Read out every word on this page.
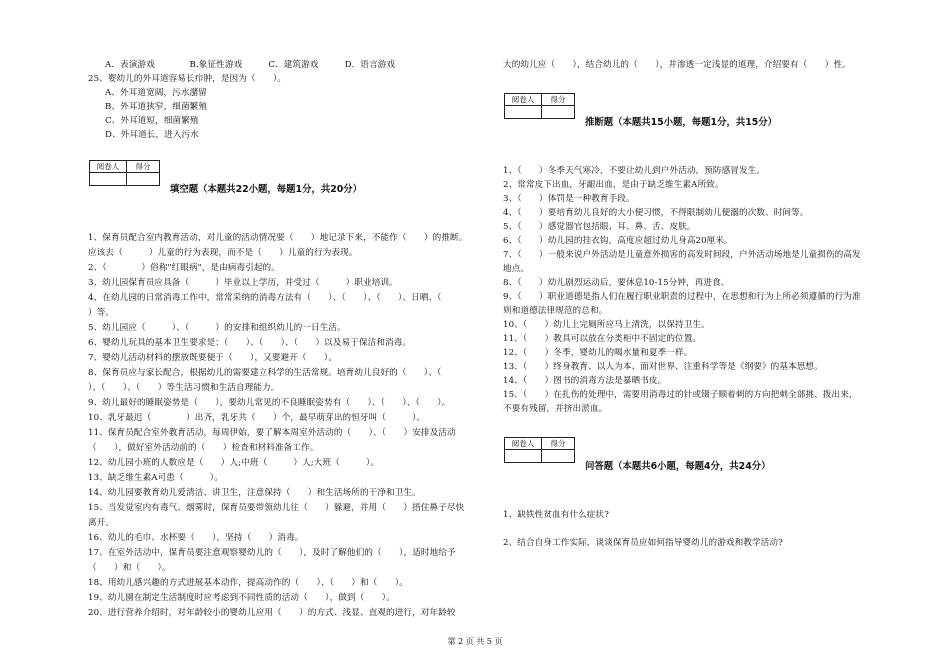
A．表演游戏　　　　B.象征性游戏　　　C．建筑游戏　　　D．语言游戏
25、婴幼儿的外耳道容易长疖肿，是因为（　　）。
A、外耳道宽阔，污水潴留
B、外耳道狭窄，细菌繁殖
C、外耳道短，细菌繁殖
D、外耳道长，进入污水
阅卷人	得分

填空题（本题共22小题，每题1分，共20分）
1、保育员配合室内教育活动，对儿童的活动情况要（　　）地记录下来，不能作（　　）的推断。
应该去（　　　）儿童的行为表现，而不是（　　）儿童的行为表现。
2、（　　　　）俗称"红眼病"，是由病毒引起的。
3、幼儿园保育员应具备（　　　）毕业以上学历，并受过（　　　）职业培训。
4、在幼儿园的日常消毒工作中，常常采纳的消毒方法有（　　）、（　　）、（　　）、日晒、（　　
）等。
5、幼儿园应（　　　）、（　　　）的安排和组织幼儿的一日生活。
6、婴幼儿玩具的基本卫生要求是：（　　）、（　　）、（　　）以及易于保洁和消毒。
7、婴幼儿活动材料的摆放既要便于（　　），又要避开（　　）。
8、保育员应与家长配合，根据幼儿的需要建立科学的生活常规。培育幼儿良好的（　　）、（
）、（　　）、（　　）等生活习惯和生活自理能力。
9、幼儿最好的睡眠姿势是（　　），要幼儿常见的不良睡眠姿势有（　　）、（　　）、（　　）。
10、乳牙最迟（　　　　）出齐，乳牙共（　　）个，最早萌芽出的恒牙叫（　　　）。
11、保育员配合室外教育活动，每周伊始，要了解本周室外活动的（　　）、（　　）安排及活动
（　　），做好室外活动前的（　　）检查和材料准备工作。
12、幼儿园小班的人数应是（　　）人;中班（　　　）人;大班（　　　）。
13、缺乏维生素A可患（　　　）。
14、幼儿园要教育幼儿爱清洁、讲卫生，注意保持（　　）和生活场所的干净和卫生。
15、当发觉室内有毒气、烟雾时，保育员要带领幼儿往（　　）躲避，并用（　　）捂住鼻子尽快
离开。
16、幼儿的毛巾、水杯要（　　），坚持（　　）消毒。
17、在室外活动中，保育员要注意观察婴幼儿的（　　），及时了解他们的（　　），适时地给予
（　　）和（　　）。
18、用幼儿感兴趣的方式进展基本动作，提高动作的（　　）、（　　）和（　　）。
19、幼儿園在制定生活制度时应考虑到不同性质的活动（　　），做到（　　）。
20、进行营养介绍时，对年龄较小的婴幼儿应用（　　）的方式、浅显、直观的进行，对年龄较
大的幼儿应（　　），结合幼儿的（　　），并渗透一定浅显的道理，介绍要有（　　）性。
阅卷人	得分

推断题（本题共15小题，每题1分，共15分）
1、（　　）冬季天气寒冷，不要让幼儿到户外活动，预防感冒发生。
2、常常皮下出血，牙龈出血，是由于缺乏维生素A所致。
3、（　　）体罚是一种教育手段。
4、（　　）要培育幼儿良好的大小便习惯，不得限制幼儿便溺的次数、时间等。
5、（　　）感觉器官包括眼、耳、鼻、舌、皮肤。
6、（　　）幼儿园的挂衣钩，高度应超过幼儿身高20厘米。
7、（　　）一般来说户外活动是儿童意外损害的高发时间段，户外活动场地是儿童损伤的高发
地点。
8、（　　）幼儿剧烈运动后，要休息10-15分钟，再进食。
9、（　　）职业道德是指人们在履行职业职责的过程中，在思想和行为上所必须遵循的行为准
则和道德法律规范的总和。
10、（　　）幼儿上完厕所应马上清洗，以保持卫生。
11、（　　）教具可以放在分类柜中不固定的位置。
12、（　　）冬季，婴幼儿的喝水量和夏季一样。
13、（　　）终身教育、以人为本、面对世界、注重科学等是《纲要》的基本思想。
14、（　　）图书的消毒方法是暴晒书皮。
15、（　　）在扎伤的处理中，需要用消毒过的针或镊子顺着刺的方向把刺全部挑、拨出来，
不要有残留，并挤出淤血。
阅卷人	得分

问答题（本题共6小题，每题4分，共24分）
1、缺铁性贫血有什么症状?
2、结合自身工作实际，谈谈保育员应如何指导婴幼儿的游戏和教学活动?
第 2 页 共 5 页
